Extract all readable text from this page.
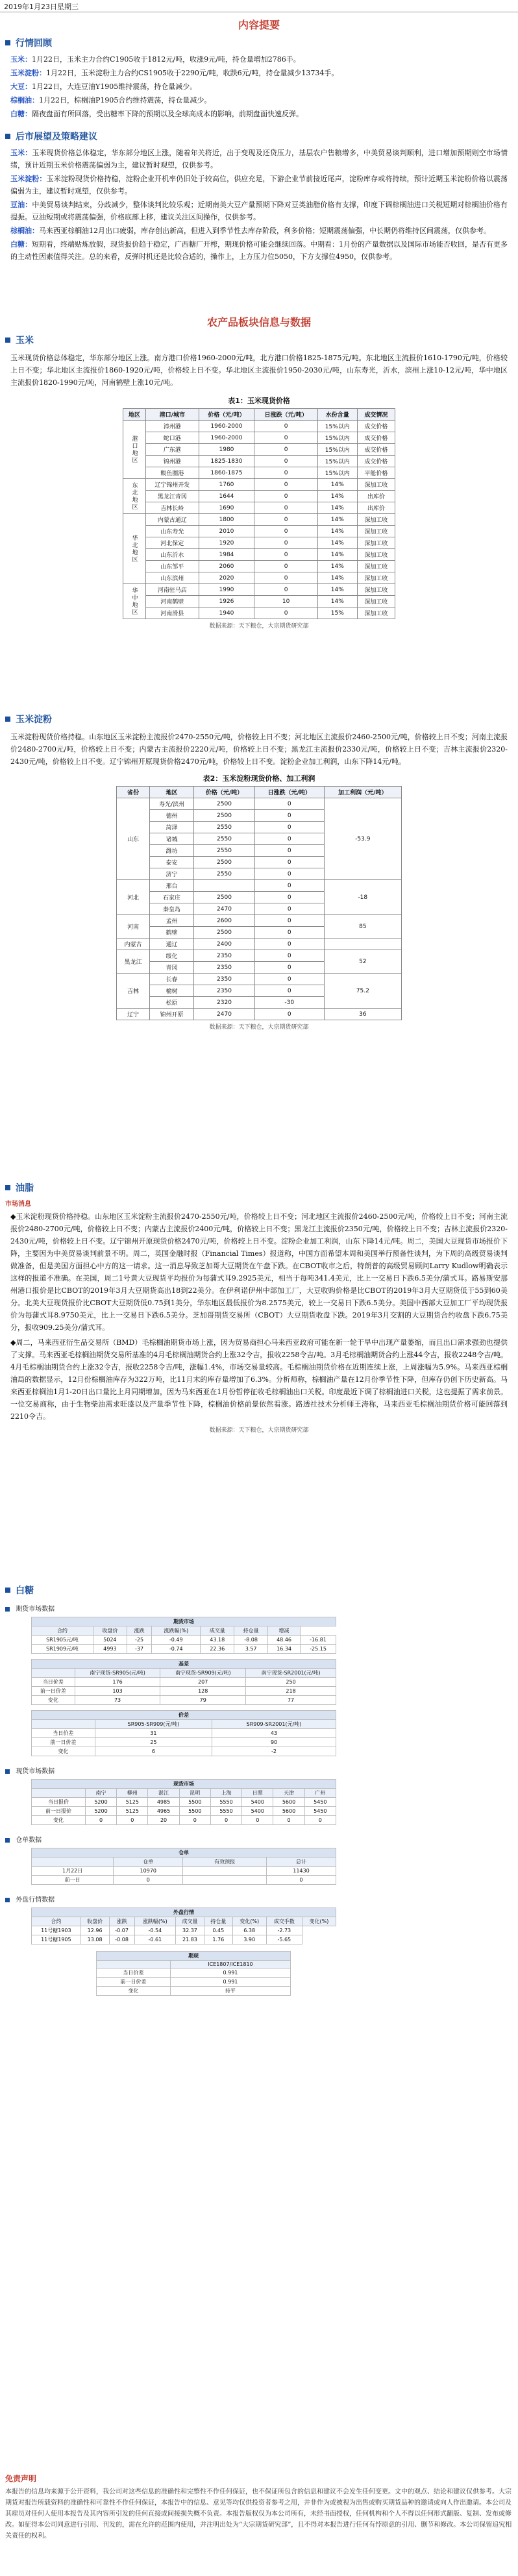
2019年1月23日星期三
内容提要
行情回顾
玉米：1月22日，玉米主力合约C1905收于1812元/吨，收涨9元/吨，持仓量增加2786手。
玉米淀粉：1月22日，玉米淀粉主力合约CS1905收于2290元/吨，收跌6元/吨，持仓量减少13734手。
大豆：1月22日，大连豆油Y1905维持震荡，持仓量减少。
棕榈油：1月22日，棕榈油P1905合约维持震荡，持仓量减少。
白糖：隔夜盘面有所回落，受出糖率下降的预期以及全球高成本的影响，前期盘面快速反弹。
后市展望及策略建议
玉米：玉米现货价格总体稳定，华东部分地区上涨，随着年关将近，出于变现及还贷压力，基层农户售粮增多，中美贸易谈判顺利，进口增加预期则空市场情绪，预计近期玉米价格震荡偏弱为主，建议暂时观望，仅供参考。
玉米淀粉：玉米淀粉现货价格持稳，淀粉企业开机率仍旧处于较高位，供应充足，下游企业节前接近尾声，淀粉库存或将持续，预计近期玉米淀粉价格以震荡偏弱为主，建议暂时观望，仅供参考。
豆油：中美贸易谈判结束，分歧减少，整体谈判比较乐观；近期南美大豆产量预期下降对豆类油脂价格有支撑，印度下调棕榈油进口关税短期对棕榈油价格有提振。豆油短期或将震荡偏强，价格底部上移，建议关注区间操作，仅供参考。
棕榈油：马来西亚棕榈油12月出口疲弱，库存创出新高，但进入到季节性去库存阶段，利多价格；短期震荡偏强，中长期仍将维持区间震荡，仅供参考。
白糖：短期看，终端贴炼放假，现货报价趋于稳定，广西糖厂开榨，期现价格可能会继续回落。中期看：1月份的产量数据以及国际市场能否收回，是否有更多的主动性因素值得关注。总的来看，反弹时机还是比较合适的，操作上，上方压力位5050，下方支撑位4950，仅供参考。
农产品板块信息与数据
玉米
玉米现货价格总体稳定，华东部分地区上涨。南方港口价格1960-2000元/吨，北方港口价格1825-1875元/吨。东北地区主流报价1610-1790元/吨，价格较上日不变；华北地区主流报价1860-1920元/吨，价格较上日不变。华北地区主流报价1950-2030元/吨，山东寿光，沂水，滨州上涨10-12元/吨，华中地区主流报价1820-1990元/吨，河南鹤壁上涨10元/吨。
表1：玉米现货价格
地区	港口/城市	价格（元/吨）	日涨跌（元/吨）	水份含量	成交情况
港口地区	漳州港	1960-2000	0	15%以内	成交价格
	蛇口港	1960-2000	0	15%以内	成交价格
	广东港	1980	0	15%以内	成交价格
	锦州港	1825-1830	0	15%以内	成交价格
	鲅鱼圈港	1860-1875	0	15%以内	平舱价格
东北地区	辽宁锦州开发	1760	0	14%	深加工收
	黑龙江青冈	1644	0	14%	出库价
	吉林长岭	1690	0	14%	出库价
华北地区	内蒙古通辽	1800	0	14%	深加工收
	山东寿光	2010	0	14%	深加工收
	河北保定	1920	0	14%	深加工收
	山东沂水	1984	0	14%	深加工收
	山东邹平	2060	0	14%	深加工收
	山东滨州	2020	0	14%	深加工收
华中地区	河南驻马店	1990	0	14%	深加工收
	河南鹤壁	1926	10	14%	深加工收
	河南滑县	1940	0	15%	深加工收
数据来源：天下粮仓，大宗期货研究部
玉米淀粉
玉米淀粉现货价格持稳。山东地区玉米淀粉主流报价2470-2550元/吨，价格较上日不变；河北地区主流报价2460-2500元/吨，价格较上日不变；河南主流报价2480-2700元/吨，价格较上日不变；内蒙古主流报价2220元/吨，价格较上日不变；黑龙江主流报价2330元/吨，价格较上日不变；吉林主流报价2320-2430元/吨，价格较上日不变。辽宁锦州开原现货价格2470元/吨，价格较上日不变。淀粉企业加工利润，山东下降14元/吨。
表2：玉米淀粉现货价格、加工利润
省份	地区	价格（元/吨）	日涨跌（元/吨）	加工利润（元/吨）
山东	寿光/滨州	2500	0	-53.9
	德州	2500	0	
	菏泽	2550	0	
	诸城	2550	0	
	潍坊	2550	0	
	泰安	2500	0	
	济宁	2550	0	
河北	邢台		0	-18
	石家庄	2500	0	
	秦皇岛	2470	0	
河南	孟州	2600	0	85
	鹤壁	2500	0	
内蒙古	通辽	2400	0	
黑龙江	绥化	2350	0	52
	青冈	2350	0	
吉林	长春	2350	0	75.2
	榆树	2350	0	
	松原	2320	-30	
辽宁	锦州开原	2470	0	36
数据来源：天下粮仓，大宗期货研究部
油脂
市场消息
◆玉米淀粉现货价格持稳。山东地区玉米淀粉主流报价2470-2550元/吨，价格较上日不变；河北地区主流报价2460-2500元/吨，价格较上日不变；河南主流报价2480-2700元/吨，价格较上日不变；内蒙古主流报价2400元/吨，价格较上日不变；黑龙江主流报价2350元/吨，价格较上日不变；吉林主流报价2320-2430元/吨，价格较上日不变。辽宁锦州开原现货价格2470元/吨，价格较上日不变。淀粉企业加工利润，山东下降14元/吨。周二，美国大豆现货市场报价下降，主要因为中美贸易谈判前景不明。周二，英国金融时报（Financial Times）报道称，中国方面希望本周和美国举行预备性谈判，为下周的高级贸易谈判做准备，但是美国方面担心中方的这一请求。这一消息导致芝加哥大豆期货在午盘下跌。在CBOT收市之后，特朗普的高级贸易顾问Larry Kudlow明确表示这样的报道不准确。在美国，周二1号黄大豆现货平均报价为每蒲式耳9.2925美元，相当于每吨341.4美元，比上一交易日下跌6.5美分/蒲式耳。路易斯安那州港口报价是比CBOT的2019年3月大豆期货高出18到22美分。在伊利诺伊州中部加工厂，大豆收购价格是比CBOT的2019年3月大豆期货低于55到60美分。北美大豆现货报价比CBOT大豆期货低0.75到1美分，华东地区最低报价为8.2575美元，较上一交易日下跌6.5美分。美国中西部大豆加工厂平均现货报价为每蒲式耳8.9750美元，比上一交易日下跌6.5美分。芝加哥期货交易所（CBOT）大豆期货收盘下跌。2019年3月交割的大豆期货合约收盘下跌6.75美分，报收909.25美分/蒲式耳。
◆周二，马来西亚衍生品交易所（BMD）毛棕榈油期货市场上涨，因为贸易商担心马来西亚政府可能在新一轮干旱中出现产量萎缩，而且出口需求强劲也提供了支撑。马来西亚毛棕榈油期货交易所基准的4月毛棕榈油期货合约上涨32令吉，报收2258令吉/吨。3月毛棕榈油期货合约上涨44令吉，报收2248令吉/吨。4月毛棕榈油期货合约上涨32令吉，报收2258令吉/吨，涨幅1.4%，市场交易量较高。毛棕榈油期货价格在近期连续上涨，上周涨幅为5.9%。马来西亚棕榈油局的数据显示，12月份棕榈油库存为322万吨，比11月末的库存量增加了6.3%。分析师称，棕榈油产量在12月份季节性下降，但库存仍创下历史新高。马来西亚棕榈油1月1-20日出口量比上月同期增加，因为马来西亚在1月份暂停征收毛棕榈油出口关税。印度最近下调了棕榈油进口关税，这也提振了需求前景。一位交易商称，由于生物柴油需求旺盛以及产量季节性下降，棕榈油价格前景依然看涨。路透社技术分析师王涛称，马来西亚毛棕榈油期货价格可能回落到2210令吉。
数据来源：天下粮仓，大宗期货研究部
白糖
期货市场数据
期货市场							
合约	收盘价	涨跌	涨跌幅(%)	成交量	持仓量	增减	
SR1905元/吨	5024	-25	-0.49	43.18	-8.08	48.46	-16.81
SR1909元/吨	4993	-37	-0.74	22.36	3.57	16.34	-25.15
基差			
	南宁现货-SR905(元/吨)	南宁现货-SR909(元/吨)	南宁现货-SR2001(元/吨)
当日价差	176	207	250
前一日价差	103	128	218
变化	73	79	77
价差		
	SR905-SR909(元/吨)	SR909-SR2001(元/吨)
当日价差	31	43
前一日价差	25	90
变化	6	-2
现货市场数据
现货市场								
	南宁	柳州	湛江	昆明	上海	日照	天津	广州
当日报价	5200	5125	4985	5500	5550	5400	5600	5450
前一日报价	5200	5125	4965	5500	5550	5400	5600	5450
变化	0	0	20	0	0	0	0	0
仓单数据
仓单			
	仓单	有效预报	总计
1月22日	10970		11430
前一日	0		0
外盘行情数据
外盘行情								
合约	收盘价	涨跌	涨跌幅(%)	成交量	持仓量	变化(%)	成交手数	变化(%)
11号糖1903	12.96	-0.07	-0.54	32.37	0.45	6.38	-2.73	
11号糖1905	13.08	-0.08	-0.61	21.83	1.76	3.90	-5.65	
期现	
	ICE1807/ICE1810
当日价差	0.991
前一日价差	0.991
变化	持平
免责声明
本报告的信息均来源于公开资料，我公司对这些信息的准确性和完整性不作任何保证，也不保证所包含的信息和建议不会发生任何变更。文中的观点、结论和建议仅供参考。大宗期货对报告所载资料的准确性和可靠性不作任何保证，本报告中的信息、意见等均仅供投资者参考之用，并非作为或被视为出售或购买期货品种的邀请或向人作出邀请。本公司及其雇员对任何人使用本报告及其内容所引发的任何直接或间接损失概不负责。本报告版权仅为本公司所有，未经书面授权，任何机构和个人不得以任何形式翻版、复制、发布或修改。如征得本公司同意进行引用、刊发的，需在允许的范围内使用，并注明出处为“大宗期货研究部”，且不得对本报告进行任何有悖原意的引用、删节和修改。本公司保留追究相关责任的权利。
